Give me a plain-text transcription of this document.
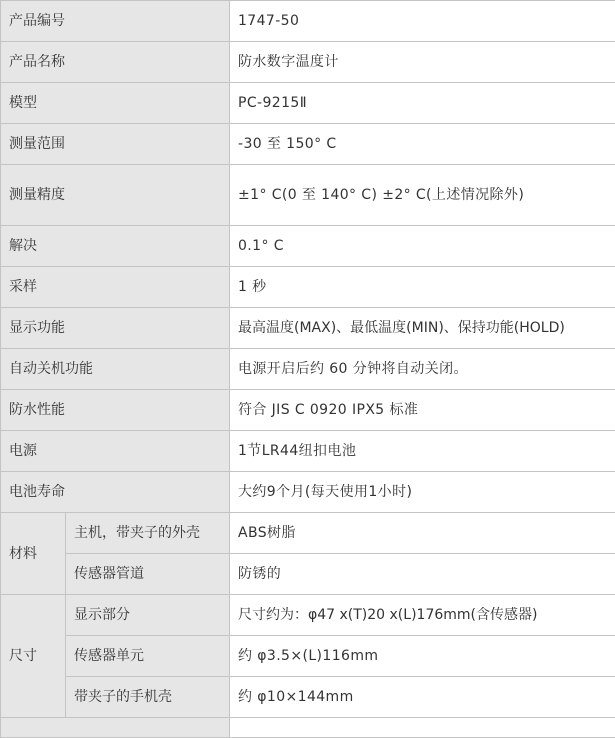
产品编号		1747-50
产品名称		防水数字温度计
模型		PC-9215Ⅱ
测量范围		-30 至 150° C
测量精度		±1° C(0 至 140° C) ±2° C(上述情况除外)
解决		0.1° C
采样		1 秒
显示功能		最高温度(MAX)、最低温度(MIN)、保持功能(HOLD)
自动关机功能		电源开启后约 60 分钟将自动关闭。
防水性能		符合 JIS C 0920 IPX5 标准
电源		1节LR44纽扣电池
电池寿命		大约9个月(每天使用1小时)
材料	主机，带夹子的外壳	ABS树脂
	传感器管道	防锈的
尺寸	显示部分	尺寸约为：φ47 x(T)20 x(L)176mm(含传感器)
	传感器单元	约 φ3.5×(L)116mm
	带夹子的手机壳	约 φ10×144mm
